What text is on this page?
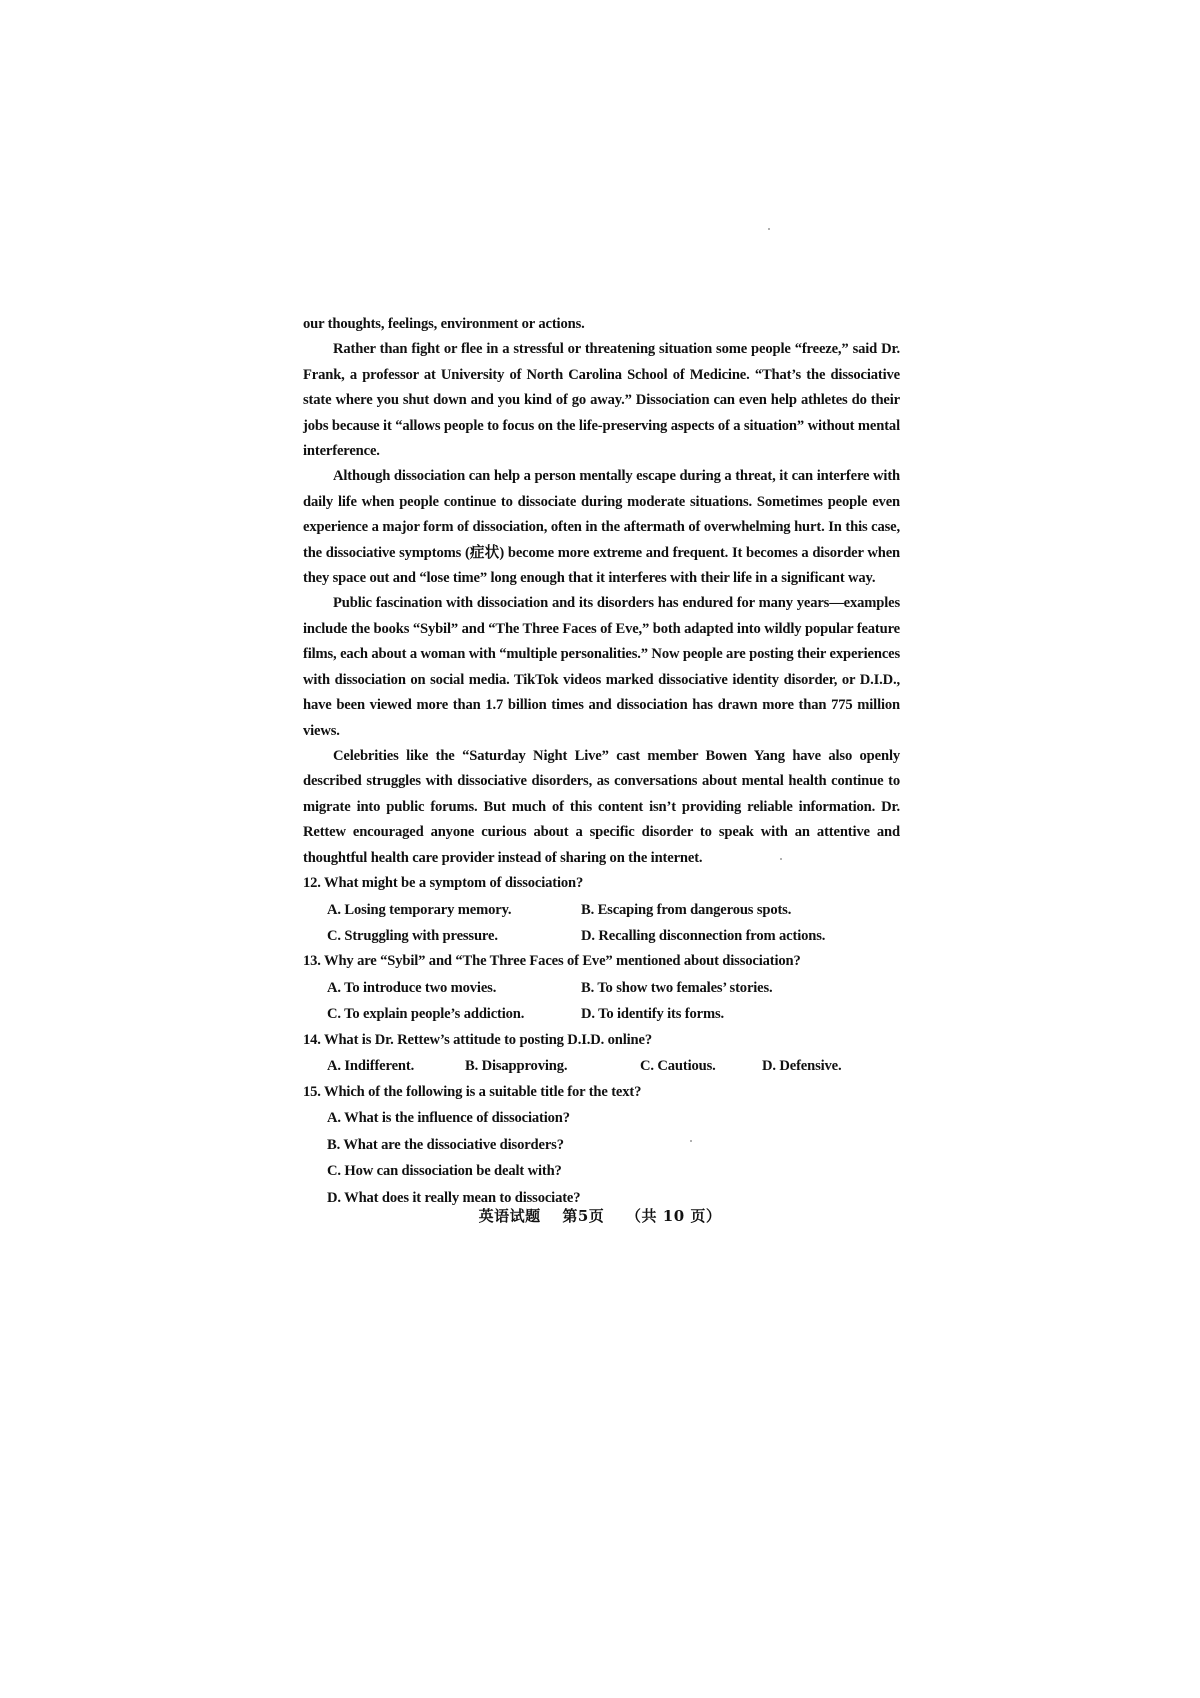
our thoughts, feelings, environment or actions.

Rather than fight or flee in a stressful or threatening situation some people “freeze,” said Dr. Frank, a professor at University of North Carolina School of Medicine. “That’s the dissociative state where you shut down and you kind of go away.” Dissociation can even help athletes do their jobs because it “allows people to focus on the life-preserving aspects of a situation” without mental interference.

Although dissociation can help a person mentally escape during a threat, it can interfere with daily life when people continue to dissociate during moderate situations. Sometimes people even experience a major form of dissociation, often in the aftermath of overwhelming hurt. In this case, the dissociative symptoms (症状) become more extreme and frequent. It becomes a disorder when they space out and “lose time” long enough that it interferes with their life in a significant way.

Public fascination with dissociation and its disorders has endured for many years—examples include the books “Sybil” and “The Three Faces of Eve,” both adapted into wildly popular feature films, each about a woman with “multiple personalities.” Now people are posting their experiences with dissociation on social media. TikTok videos marked dissociative identity disorder, or D.I.D., have been viewed more than 1.7 billion times and dissociation has drawn more than 775 million views.

Celebrities like the “Saturday Night Live” cast member Bowen Yang have also openly described struggles with dissociative disorders, as conversations about mental health continue to migrate into public forums. But much of this content isn’t providing reliable information. Dr. Rettew encouraged anyone curious about a specific disorder to speak with an attentive and thoughtful health care provider instead of sharing on the internet.

12. What might be a symptom of dissociation?

A. Losing temporary memory.	B. Escaping from dangerous spots.
C. Struggling with pressure.	D. Recalling disconnection from actions.

13. Why are “Sybil” and “The Three Faces of Eve” mentioned about dissociation?

A. To introduce two movies.	B. To show two females’ stories.
C. To explain people’s addiction.	D. To identify its forms.

14. What is Dr. Rettew’s attitude to posting D.I.D. online?

A. Indifferent.	B. Disapproving.	C. Cautious.	D. Defensive.

15. Which of the following is a suitable title for the text?

A. What is the influence of dissociation?
B. What are the dissociative disorders?
C. How can dissociation be dealt with?
D. What does it really mean to dissociate?
英语试题 第5页 （共 10 页）
